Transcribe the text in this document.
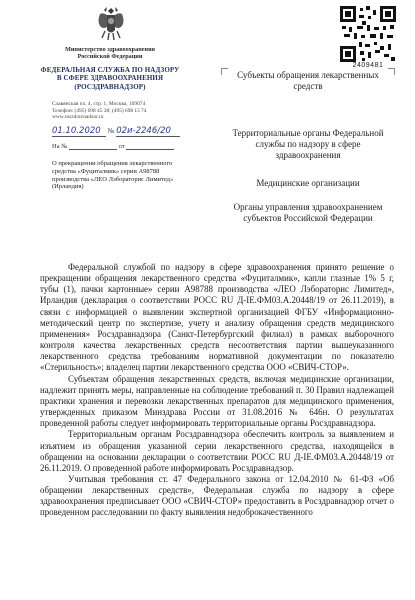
Министерство здравоохранения
Российской Федерации
ФЕДЕРАЛЬНАЯ СЛУЖБА ПО НАДЗОРУ
В СФЕРЕ ЗДРАВООХРАНЕНИЯ
(РОСЗДРАВНАДЗОР)
Славянская пл. 4, стр. 1, Москва, 109074
Телефон: (495) 698 45 38; (495) 698 15 74
www.roszdravnadzor.ru
01.10.2020 № 02и-2246/20
На №	от
О прекращении обращения лекарственного средства «Фуциталмик» серии А98788 производства «ЛЕО Лэбораторис Лимитед» (Ирландия)
2409481
Субъекты обращения лекарственных средств
Территориальные органы Федеральной службы по надзору в сфере здравоохранения
Медицинские организации
Органы управления здравоохранением субъектов Российской Федерации

Федеральной службой по надзору в сфере здравоохранения принято решение о прекращении обращения лекарственного средства «Фуциталмик», капли глазные 1% 5 г, тубы (1), пачки картонные» серии А98788 производства «ЛЕО Лэбораторис Лимитед», Ирландия (декларация о соответствии РОСС RU Д-IE.ФМ03.А.20448/19 от 26.11.2019), в связи с информацией о выявлении экспертной организацией ФГБУ «Информационно-методический центр по экспертизе, учету и анализу обращения средств медицинского применения» Росздравнадзора (Санкт-Петербургский филиал) в рамках выборочного контроля качества лекарственных средств несоответствия партии вышеуказанного лекарственного средства требованиям нормативной документации по показателю «Стерильность»; владелец партии лекарственного средства ООО «СВИЧ-СТОР».

Субъектам обращения лекарственных средств, включая медицинские организации, надлежит принять меры, направленные на соблюдение требований п. 30 Правил надлежащей практики хранения и перевозки лекарственных препаратов для медицинского применения, утвержденных приказом Минздрава России от 31.08.2016 № 646н. О результатах проведенной работы следует информировать территориальные органы Росздравнадзора.

Территориальным органам Росздравнадзора обеспечить контроль за выявлением и изъятием из обращения указанной серии лекарственного средства, находящейся в обращении на основании декларации о соответствии РОСС RU Д-IE.ФМ03.А.20448/19 от 26.11.2019. О проведенной работе информировать Росздравнадзор.

Учитывая требования ст. 47 Федерального закона от 12.04.2010 № 61-ФЗ «Об обращении лекарственных средств», Федеральная служба по надзору в сфере здравоохранения предписывает ООО «СВИЧ-СТОР» предоставить в Росздравнадзор отчет о проведенном расследовании по факту выявления недоброкачественного
